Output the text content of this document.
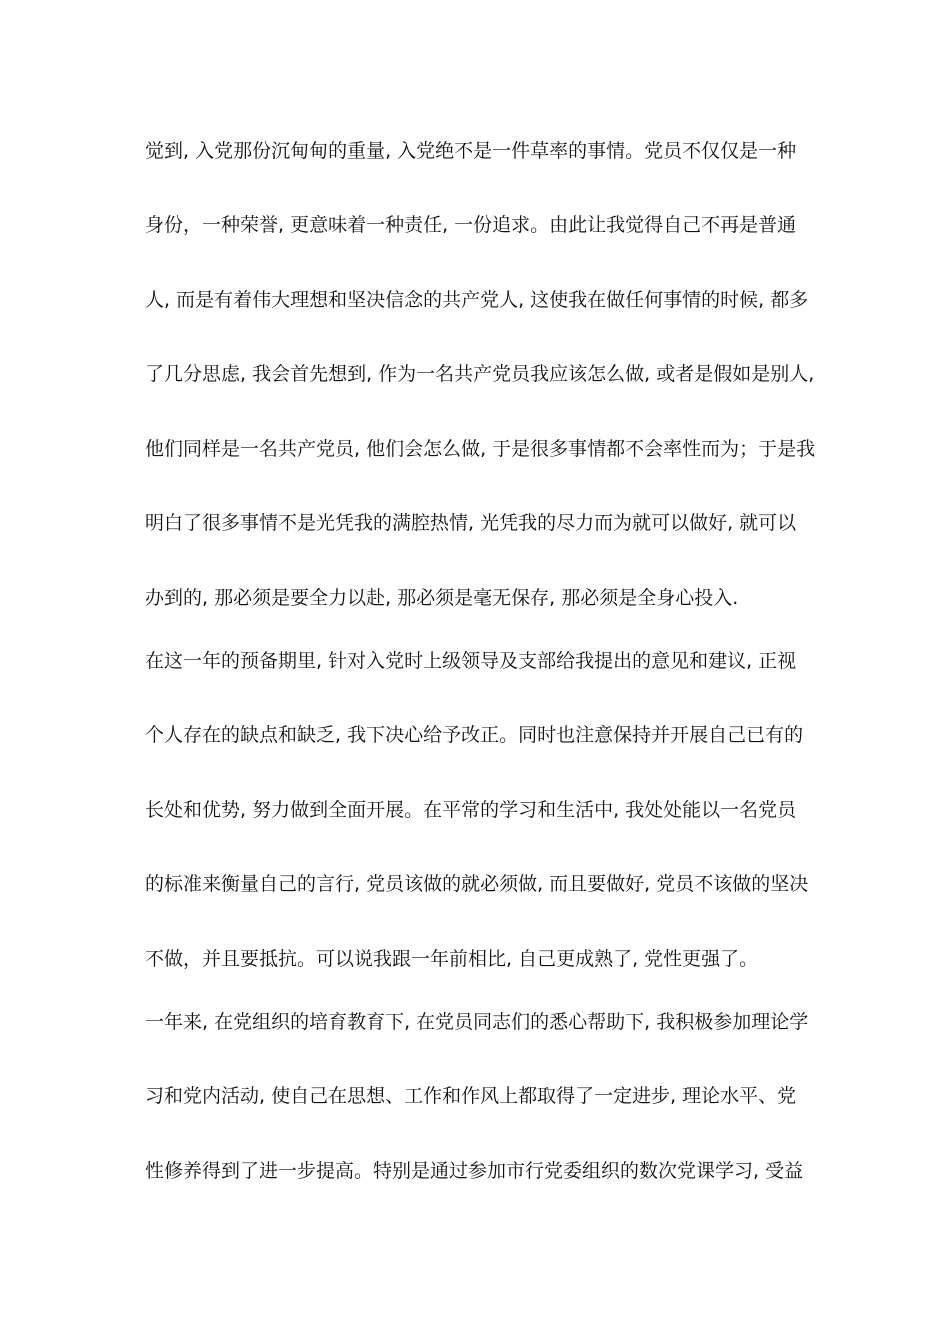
觉到, 入党那份沉甸甸的重量, 入党绝不是一件草率的事情。党员不仅仅是一种
身份，一种荣誉, 更意味着一种责任, 一份追求。由此让我觉得自己不再是普通
人, 而是有着伟大理想和坚决信念的共产党人, 这使我在做任何事情的时候, 都多
了几分思虑, 我会首先想到, 作为一名共产党员我应该怎么做, 或者是假如是别人,
他们同样是一名共产党员, 他们会怎么做, 于是很多事情都不会率性而为；于是我
明白了很多事情不是光凭我的满腔热情, 光凭我的尽力而为就可以做好, 就可以
办到的, 那必须是要全力以赴, 那必须是毫无保存, 那必须是全身心投入.
在这一年的预备期里, 针对入党时上级领导及支部给我提出的意见和建议, 正视
个人存在的缺点和缺乏, 我下决心给予改正。同时也注意保持并开展自己已有的
长处和优势, 努力做到全面开展。在平常的学习和生活中, 我处处能以一名党员
的标准来衡量自己的言行, 党员该做的就必须做, 而且要做好, 党员不该做的坚决
不做，并且要抵抗。可以说我跟一年前相比, 自己更成熟了, 党性更强了。
一年来, 在党组织的培育教育下, 在党员同志们的悉心帮助下, 我积极参加理论学
习和党内活动, 使自己在思想、工作和作风上都取得了一定进步, 理论水平、党
性修养得到了进一步提高。特别是通过参加市行党委组织的数次党课学习, 受益
